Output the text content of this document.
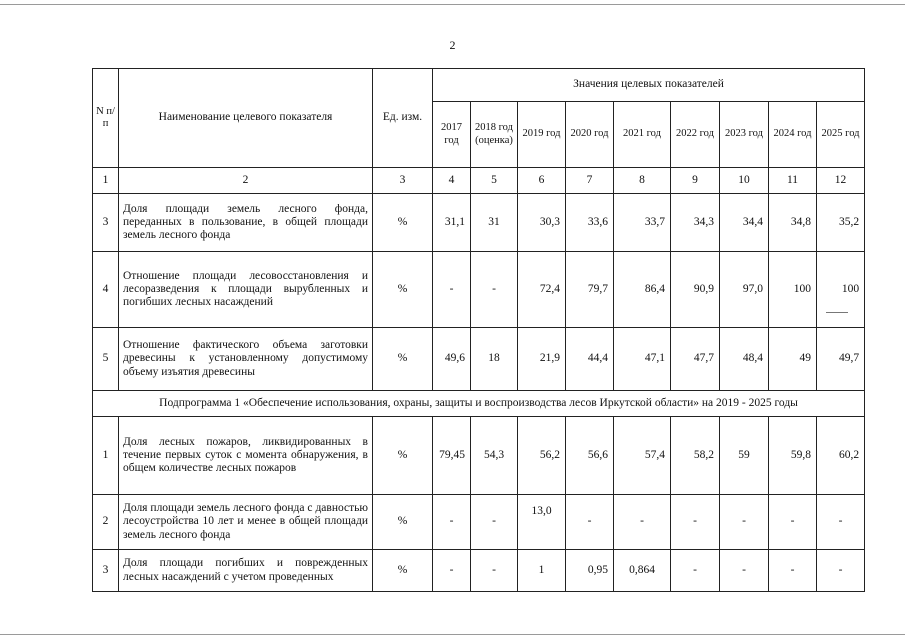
2
N п/п	Наименование целевого показателя	Ед. изм.	Значения целевых показателей								
			2017 год	2018 год (оценка)	2019 год	2020 год	2021 год	2022 год	2023 год	2024 год	2025 год
1	2	3	4	5	6	7	8	9	10	11	12
3	Доля площади земель лесного фонда, переданных в пользование, в общей площади земель лесного фонда	%	31,1	31	30,3	33,6	33,7	34,3	34,4	34,8	35,2
4	Отношение площади лесовосстановления и лесоразведения к площади вырубленных и погибших лесных насаждений	%	-	-	72,4	79,7	86,4	90,9	97,0	100	100
5	Отношение фактического объема заготовки древесины к установленному допустимому объему изъятия древесины	%	49,6	18	21,9	44,4	47,1	47,7	48,4	49	49,7
Подпрограмма 1 «Обеспечение использования, охраны, защиты и воспроизводства лесов Иркутской области» на 2019 - 2025 годы											
1	Доля лесных пожаров, ликвидированных в течение первых суток с момента обнаружения, в общем количестве лесных пожаров	%	79,45	54,3	56,2	56,6	57,4	58,2	59	59,8	60,2
2	Доля площади земель лесного фонда с давностью лесоустройства 10 лет и менее в общей площади земель лесного фонда	%	-	-	13,0	-	-	-	-	-	-
3	Доля площади погибших и поврежденных лесных насаждений с учетом проведенных	%	-	-	1	0,95	0,864	-	-	-	-
